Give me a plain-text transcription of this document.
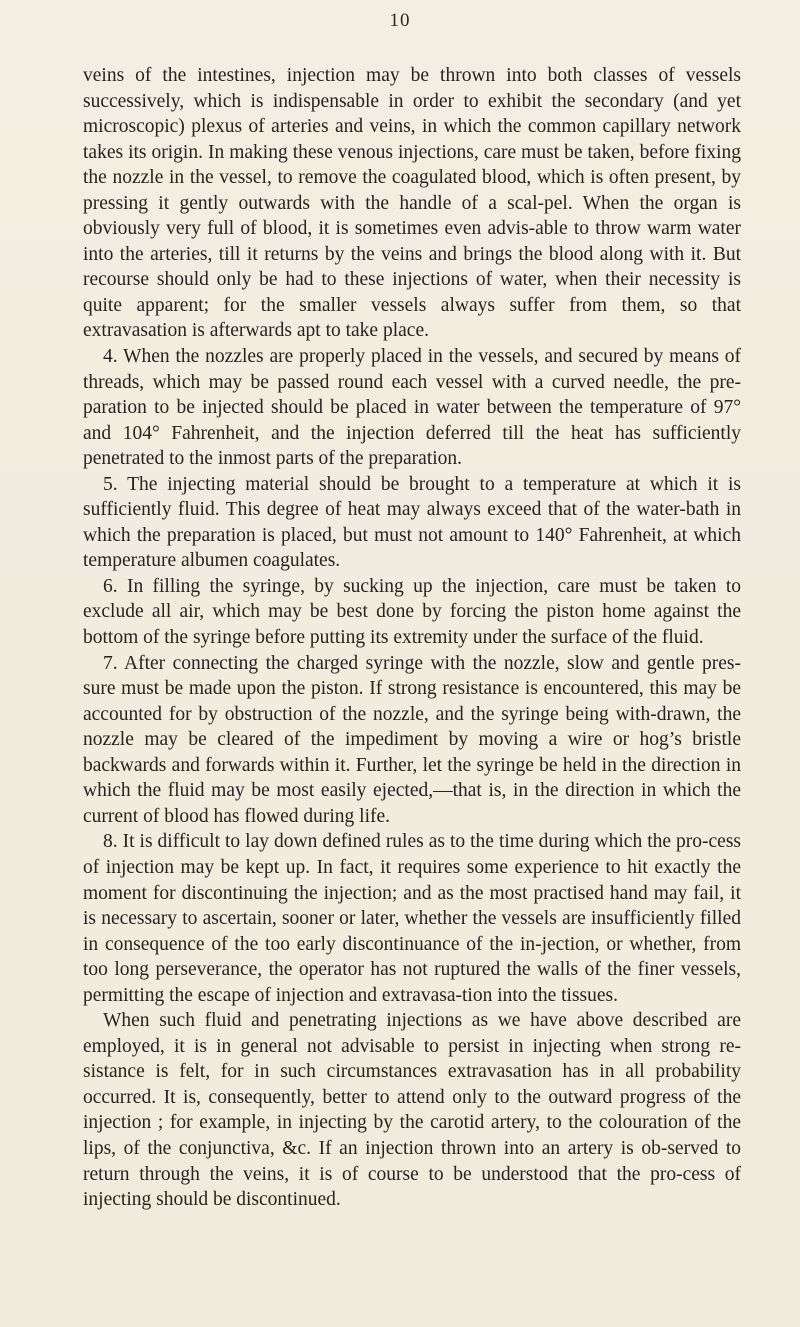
10

veins of the intestines, injection may be thrown into both classes of vessels successively, which is indispensable in order to exhibit the secondary (and yet microscopic) plexus of arteries and veins, in which the common capillary network takes its origin. In making these venous injections, care must be taken, before fixing the nozzle in the vessel, to remove the coagulated blood, which is often present, by pressing it gently outwards with the handle of a scal-pel. When the organ is obviously very full of blood, it is sometimes even advis-able to throw warm water into the arteries, till it returns by the veins and brings the blood along with it. But recourse should only be had to these injections of water, when their necessity is quite apparent; for the smaller vessels always suffer from them, so that extravasation is afterwards apt to take place.

4. When the nozzles are properly placed in the vessels, and secured by means of threads, which may be passed round each vessel with a curved needle, the pre-paration to be injected should be placed in water between the temperature of 97° and 104° Fahrenheit, and the injection deferred till the heat has sufficiently penetrated to the inmost parts of the preparation.

5. The injecting material should be brought to a temperature at which it is sufficiently fluid. This degree of heat may always exceed that of the water-bath in which the preparation is placed, but must not amount to 140° Fahrenheit, at which temperature albumen coagulates.

6. In filling the syringe, by sucking up the injection, care must be taken to exclude all air, which may be best done by forcing the piston home against the bottom of the syringe before putting its extremity under the surface of the fluid.

7. After connecting the charged syringe with the nozzle, slow and gentle pres-sure must be made upon the piston. If strong resistance is encountered, this may be accounted for by obstruction of the nozzle, and the syringe being with-drawn, the nozzle may be cleared of the impediment by moving a wire or hog’s bristle backwards and forwards within it. Further, let the syringe be held in the direction in which the fluid may be most easily ejected,—that is, in the direction in which the current of blood has flowed during life.

8. It is difficult to lay down defined rules as to the time during which the pro-cess of injection may be kept up. In fact, it requires some experience to hit exactly the moment for discontinuing the injection; and as the most practised hand may fail, it is necessary to ascertain, sooner or later, whether the vessels are insufficiently filled in consequence of the too early discontinuance of the in-jection, or whether, from too long perseverance, the operator has not ruptured the walls of the finer vessels, permitting the escape of injection and extravasa-tion into the tissues.

When such fluid and penetrating injections as we have above described are employed, it is in general not advisable to persist in injecting when strong re-sistance is felt, for in such circumstances extravasation has in all probability occurred. It is, consequently, better to attend only to the outward progress of the injection ; for example, in injecting by the carotid artery, to the colouration of the lips, of the conjunctiva, &c. If an injection thrown into an artery is ob-served to return through the veins, it is of course to be understood that the pro-cess of injecting should be discontinued.
